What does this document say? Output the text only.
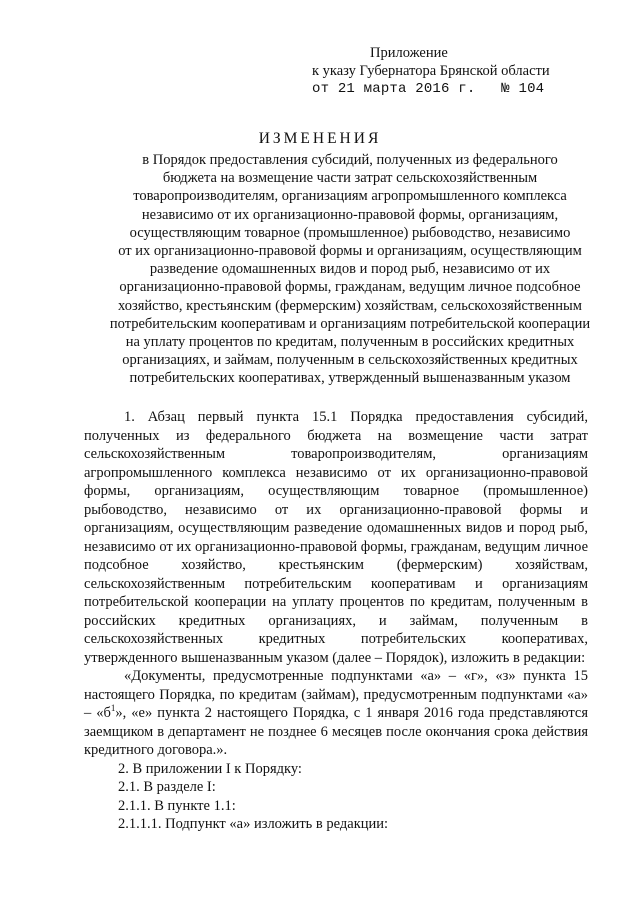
Приложение
к указу Губернатора Брянской области
от 21 марта 2016 г. № 104
ИЗМЕНЕНИЯ
в Порядок предоставления субсидий, полученных из федерального
бюджета на возмещение части затрат сельскохозяйственным
товаропроизводителям, организациям агропромышленного комплекса
независимо от их организационно-правовой формы, организациям,
осуществляющим товарное (промышленное) рыбоводство, независимо
от их организационно-правовой формы и организациям, осуществляющим
разведение одомашненных видов и пород рыб, независимо от их
организационно-правовой формы, гражданам, ведущим личное подсобное
хозяйство, крестьянским (фермерским) хозяйствам, сельскохозяйственным
потребительским кооперативам и организациям потребительской кооперации
на уплату процентов по кредитам, полученным в российских кредитных
организациях, и займам, полученным в сельскохозяйственных кредитных
потребительских кооперативах, утвержденный вышеназванным указом

1. Абзац первый пункта 15.1 Порядка предоставления субсидий, полученных из федерального бюджета на возмещение части затрат сельскохозяйственным товаропроизводителям, организациям агропромышленного комплекса независимо от их организационно-правовой формы, организациям, осуществляющим товарное (промышленное) рыбоводство, независимо от их организационно-правовой формы и организациям, осуществляющим разведение одомашненных видов и пород рыб, независимо от их организационно-правовой формы, гражданам, ведущим личное подсобное хозяйство, крестьянским (фермерским) хозяйствам, сельскохозяйственным потребительским кооперативам и организациям потребительской кооперации на уплату процентов по кредитам, полученным в российских кредитных организациях, и займам, полученным в сельскохозяйственных кредитных потребительских кооперативах, утвержденного вышеназванным указом (далее – Порядок), изложить в редакции:

«Документы, предусмотренные подпунктами «а» – «г», «з» пункта 15 настоящего Порядка, по кредитам (займам), предусмотренным подпунктами «а» – «$б^1$», «е» пункта 2 настоящего Порядка, с 1 января 2016 года представляются заемщиком в департамент не позднее 6 месяцев после окончания срока действия кредитного договора.».

2. В приложении I к Порядку:

2.1. В разделе I:

2.1.1. В пункте 1.1:

2.1.1.1. Подпункт «а» изложить в редакции:
